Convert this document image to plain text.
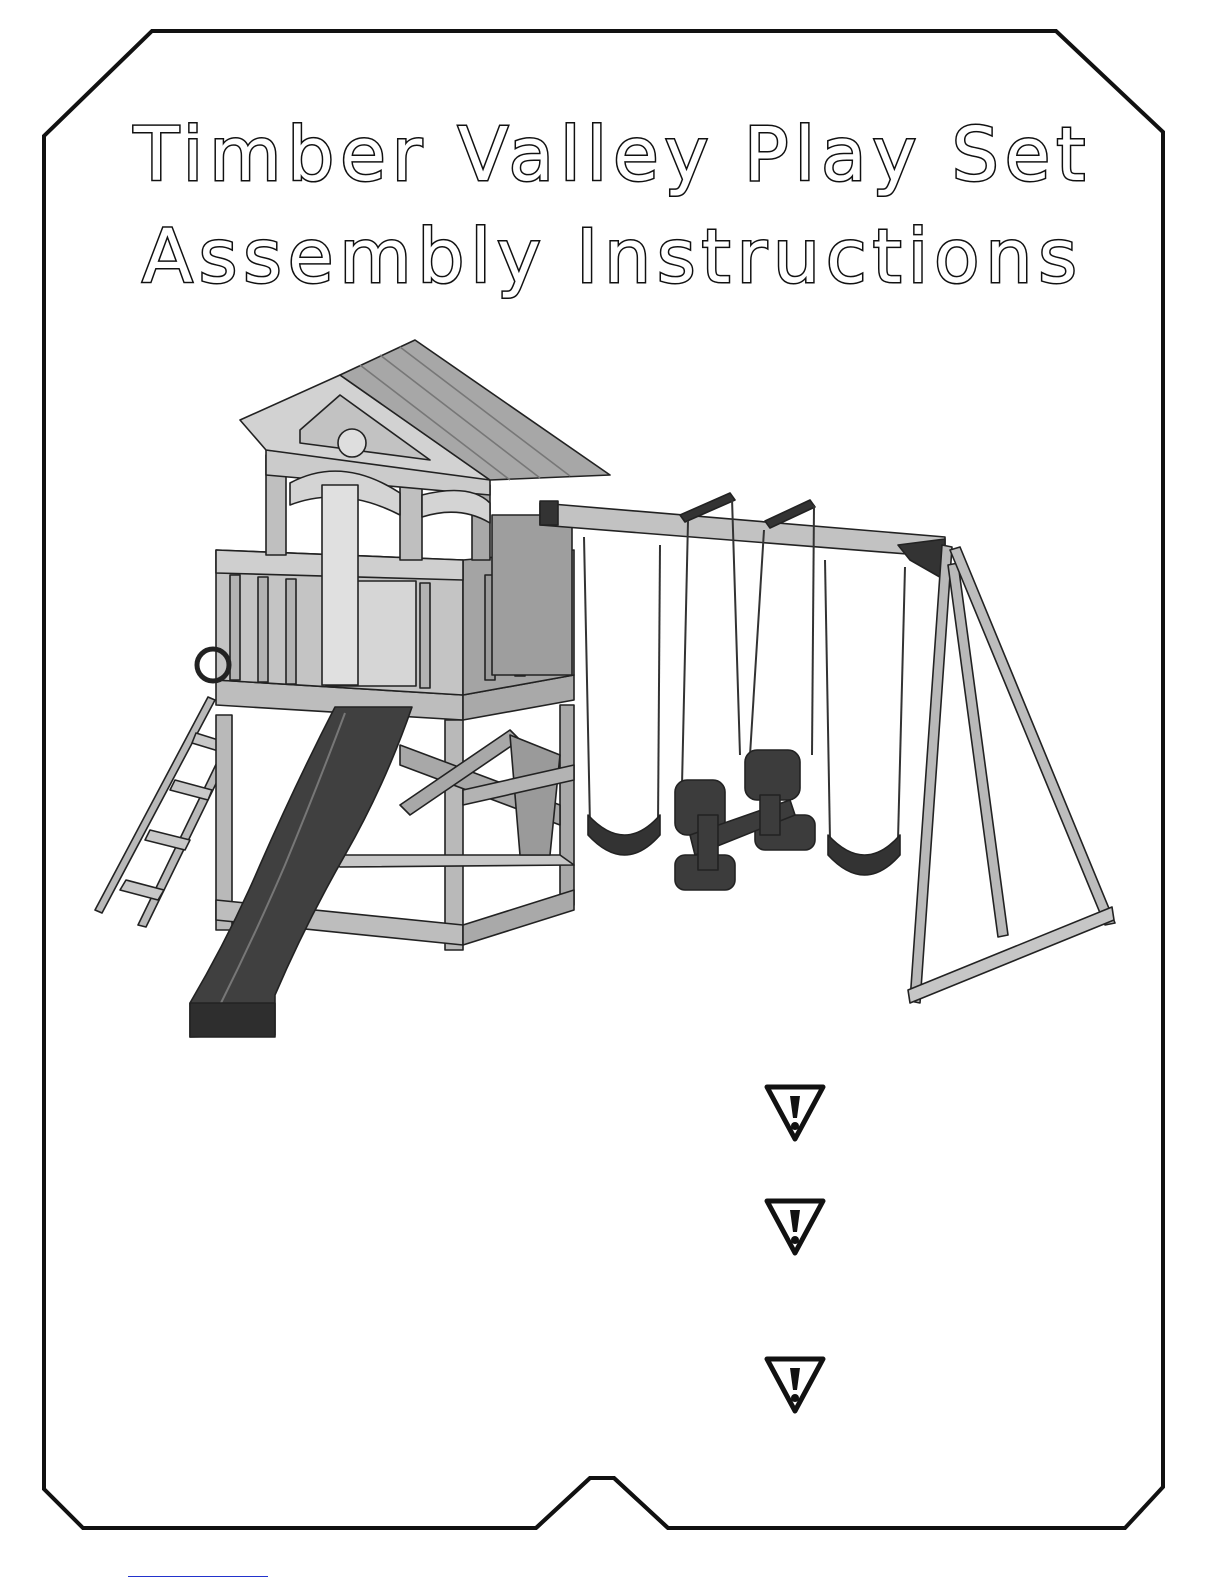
Timber Valley Play Set
Assembly Instructions
